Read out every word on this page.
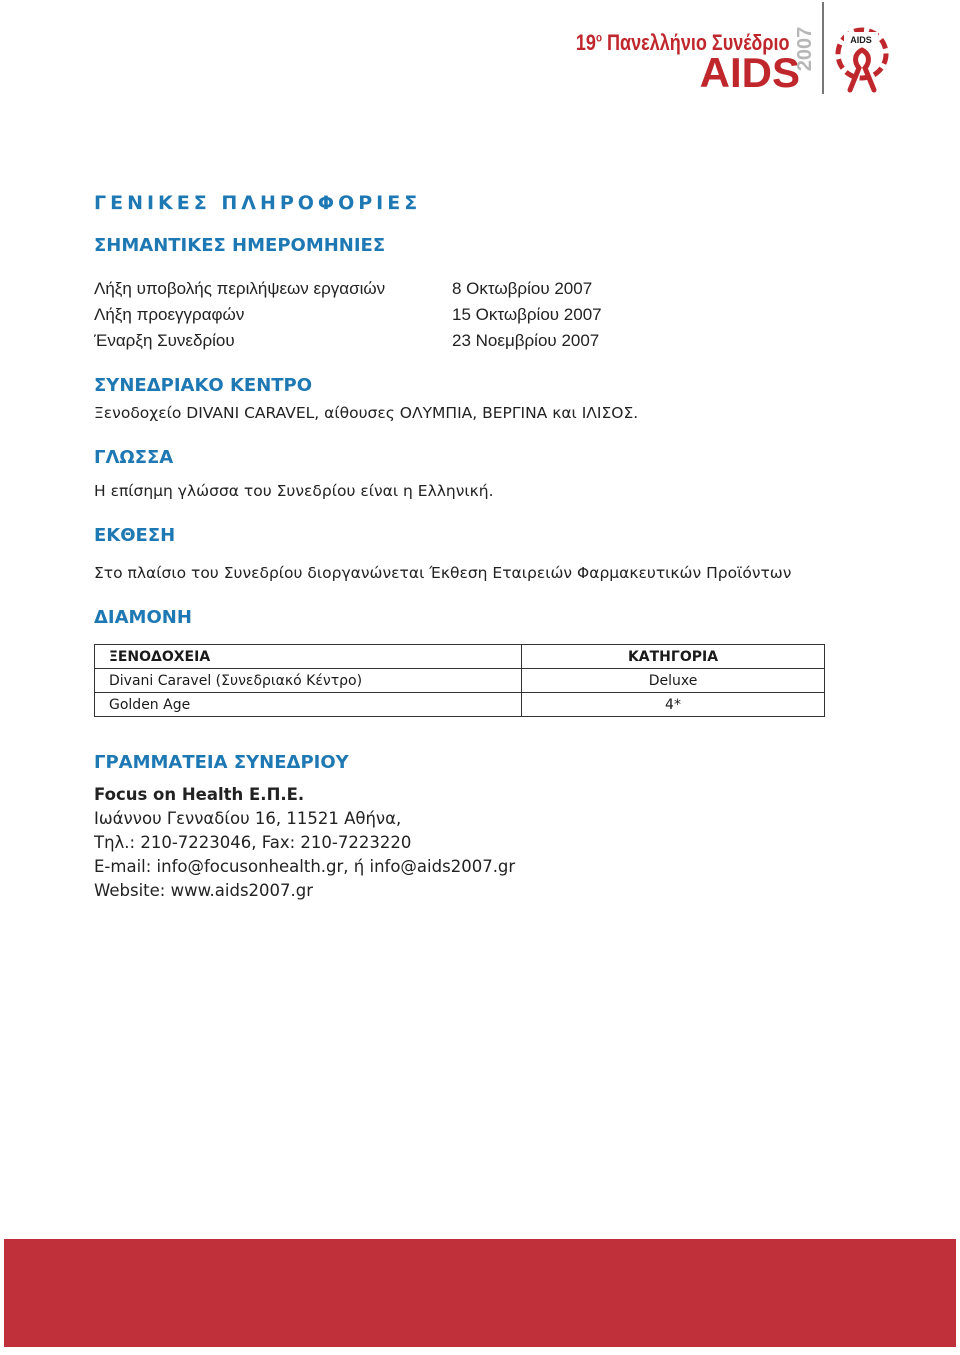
$19^o$ Πανελλήνιο Συνέδριο
AIDS
2007	AIDS
ΓΕΝΙΚΕΣ ΠΛΗΡΟΦΟΡΙΕΣ
ΣΗΜΑΝΤΙΚΕΣ ΗΜΕΡΟΜΗΝΙΕΣ
Λήξη υποβολής περιλήψεων εργασιών	8 Οκτωβρίου 2007
Λήξη προεγγραφών	15 Οκτωβρίου 2007
Έναρξη Συνεδρίου	23 Νοεμβρίου 2007
ΣΥΝΕΔΡΙΑΚΟ ΚΕΝΤΡΟ

Ξενοδοχείο DIVANI CARAVEL, αίθουσες ΟΛΥΜΠΙΑ, ΒΕΡΓΙΝΑ και ΙΛΙΣΟΣ.

ΓΛΩΣΣΑ

Η επίσημη γλώσσα του Συνεδρίου είναι η Ελληνική.

ΕΚΘΕΣΗ

Στο πλαίσιο του Συνεδρίου διοργανώνεται Έκθεση Εταιρειών Φαρμακευτικών Προϊόντων

ΔΙΑΜΟΝΗ
ΞΕΝΟΔΟΧΕΙΑ	ΚΑΤΗΓΟΡΙΑ
Divani Caravel (Συνεδριακό Κέντρο)	Deluxe
Golden Age	4*
ΓΡΑΜΜΑΤΕΙΑ ΣΥΝΕΔΡΙΟΥ

Focus on Health Ε.Π.Ε.

Ιωάννου Γενναδίου 16, 11521 Αθήνα,

Τηλ.: 210-7223046, Fax: 210-7223220

E-mail: info@focusonhealth.gr, ή info@aids2007.gr

Website: www.aids2007.gr
